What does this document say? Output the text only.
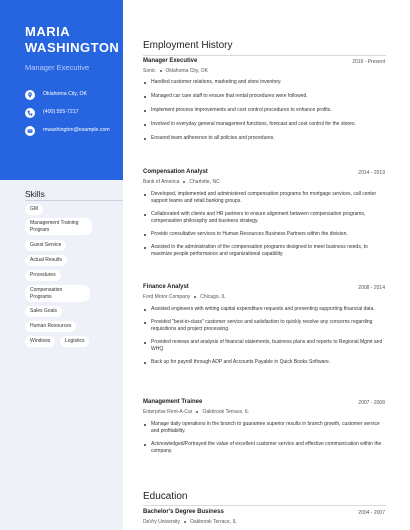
MARIA WASHINGTON
Manager Executive
Oklahoma City, OK
(400) 555-7217
mwashington@example.com
Skills
GM
Management Training Program
Guest Service
Actual Results
Procedures
Compensation Programs
Sales Goals
Human Resources
Windows	Logistics
Employment History
Manager Executive	2019 - Present
Sonic Oklahoma City, OK
Handled customer relations, marketing and store inventory.
Managed car care staff to ensure that rental procedures were followed.
Implement process improvements and cost control procedures to enhance profits.
Involved in everyday general management functions, forecast and cost control for the stores.
Ensured team adherence to all policies and procedures.
Compensation Analyst	2014 - 2019
Bank of America Charlotte, NC
Developed, implemented and administered compensation programs for mortgage services, call center support teams and retail banking groups.
Collaborated with clients and HR partners to ensure alignment between compensation programs, compensation philosophy and business strategy.
Provide consultative services to Human Resources Business Partners within the division.
Assisted in the administration of the compensation programs designed to meet business needs, to maximize people performance and organizational capability.
Finance Analyst	2008 - 2014
Ford Motor Company Chicago, IL
Assisted engineers with writing capital expenditure requests and presenting supporting financial data.
Provided "best-in-class" customer service and satisfaction to quickly resolve any concerns regarding requisitions and project processing.
Provided reviews and analysis of financial statements, business plans and reports to Regional Mgmt and WHQ.
Back up for payroll through ADP and Accounts Payable in Quick Books Software.
Management Trainee	2007 - 2008
Enterprise Rent-A-Car Oakbrook Terrace, IL
Manage daily operations in the branch to guarantee superior results in branch growth, customer service and profitability.
Acknowledged/Portrayed the value of excellent customer service and effective communication within the company.
Education
Bachelor's Degree Business	2004 - 2007
DeVry University Oakbrook Terrace, IL
